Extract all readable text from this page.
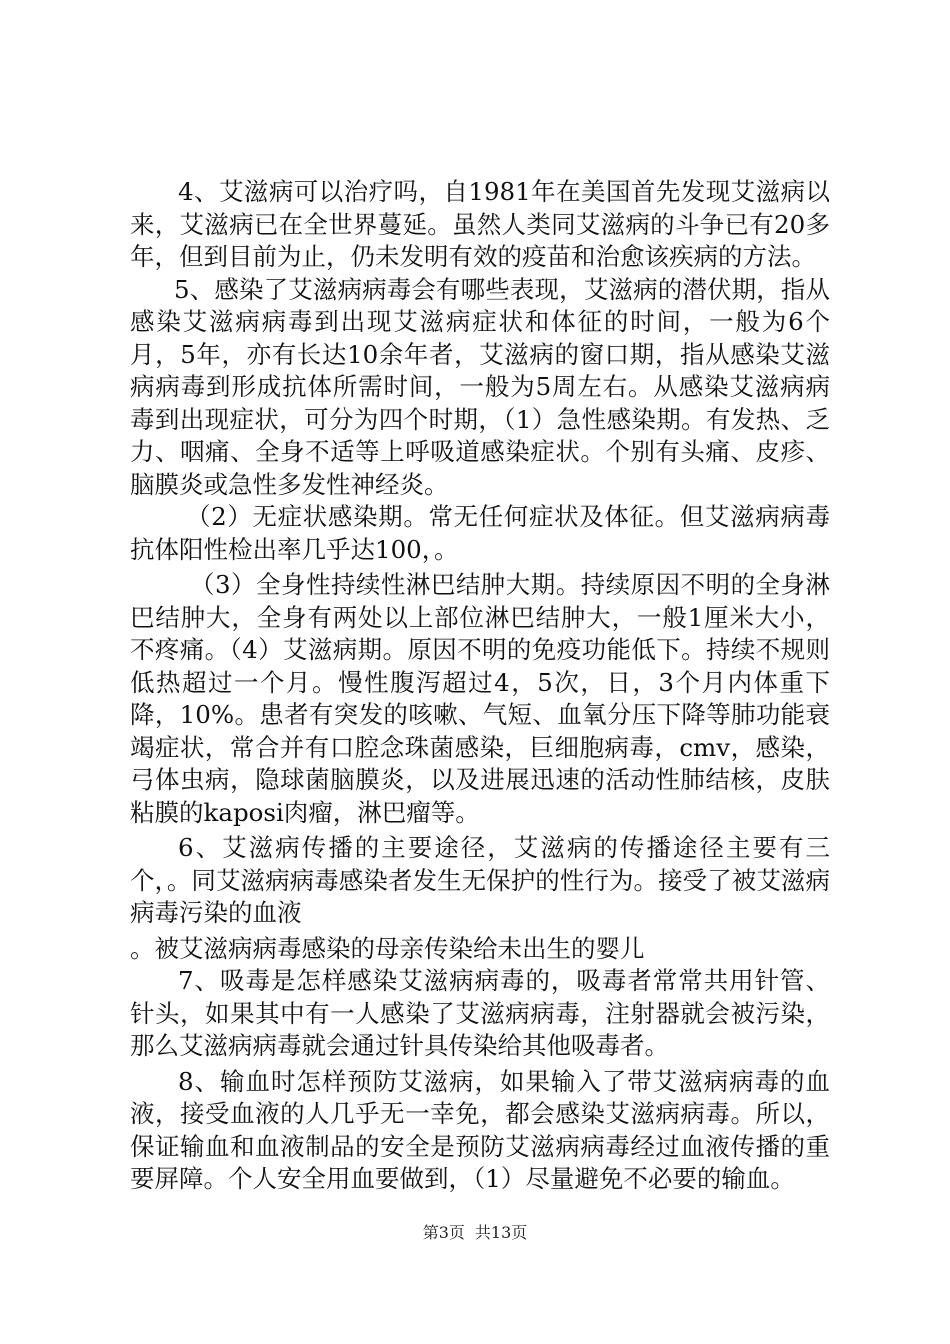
4、艾滋病可以治疗吗，自1981年在美国首先发现艾滋病以来，艾滋病已在全世界蔓延。虽然人类同艾滋病的斗争已有20多年，但到目前为止，仍未发明有效的疫苗和治愈该疾病的方法。

5、感染了艾滋病病毒会有哪些表现，艾滋病的潜伏期，指从感染艾滋病病毒到出现艾滋病症状和体征的时间，一般为6个月，5年，亦有长达10余年者，艾滋病的窗口期，指从感染艾滋病病毒到形成抗体所需时间，一般为5周左右。从感染艾滋病病毒到出现症状，可分为四个时期，（1）急性感染期。有发热、乏力、咽痛、全身不适等上呼吸道感染症状。个别有头痛、皮疹、脑膜炎或急性多发性神经炎。

（2）无症状感染期。常无任何症状及体征。但艾滋病病毒抗体阳性检出率几乎达100，。

（3）全身性持续性淋巴结肿大期。持续原因不明的全身淋巴结肿大，全身有两处以上部位淋巴结肿大，一般1厘米大小，不疼痛。（4）艾滋病期。原因不明的免疫功能低下。持续不规则低热超过一个月。慢性腹泻超过4，5次，日，3个月内体重下降，10%。患者有突发的咳嗽、气短、血氧分压下降等肺功能衰竭症状，常合并有口腔念珠菌感染，巨细胞病毒，cmv，感染，弓体虫病，隐球菌脑膜炎，以及进展迅速的活动性肺结核，皮肤粘膜的kaposi肉瘤，淋巴瘤等。

6、艾滋病传播的主要途径，艾滋病的传播途径主要有三个，。同艾滋病病毒感染者发生无保护的性行为。接受了被艾滋病病毒污染的血液

。被艾滋病病毒感染的母亲传染给未出生的婴儿

7、吸毒是怎样感染艾滋病病毒的，吸毒者常常共用针管、针头，如果其中有一人感染了艾滋病病毒，注射器就会被污染，那么艾滋病病毒就会通过针具传染给其他吸毒者。

8、输血时怎样预防艾滋病，如果输入了带艾滋病病毒的血液，接受血液的人几乎无一幸免，都会感染艾滋病病毒。所以，保证输血和血液制品的安全是预防艾滋病病毒经过血液传播的重要屏障。个人安全用血要做到，（1）尽量避免不必要的输血。

第3页 共13页
